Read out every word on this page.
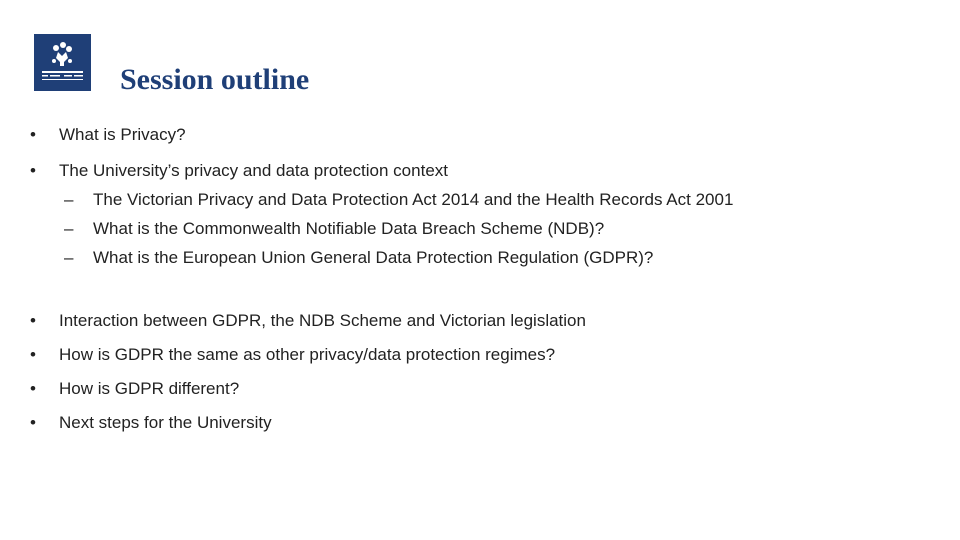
Session outline
• What is Privacy?
• The University’s privacy and data protection context
– The Victorian Privacy and Data Protection Act 2014 and the Health Records Act 2001
– What is the Commonwealth Notifiable Data Breach Scheme (NDB)?
– What is the European Union General Data Protection Regulation (GDPR)?
• Interaction between GDPR, the NDB Scheme and Victorian legislation
• How is GDPR the same as other privacy/data protection regimes?
• How is GDPR different?
• Next steps for the University
